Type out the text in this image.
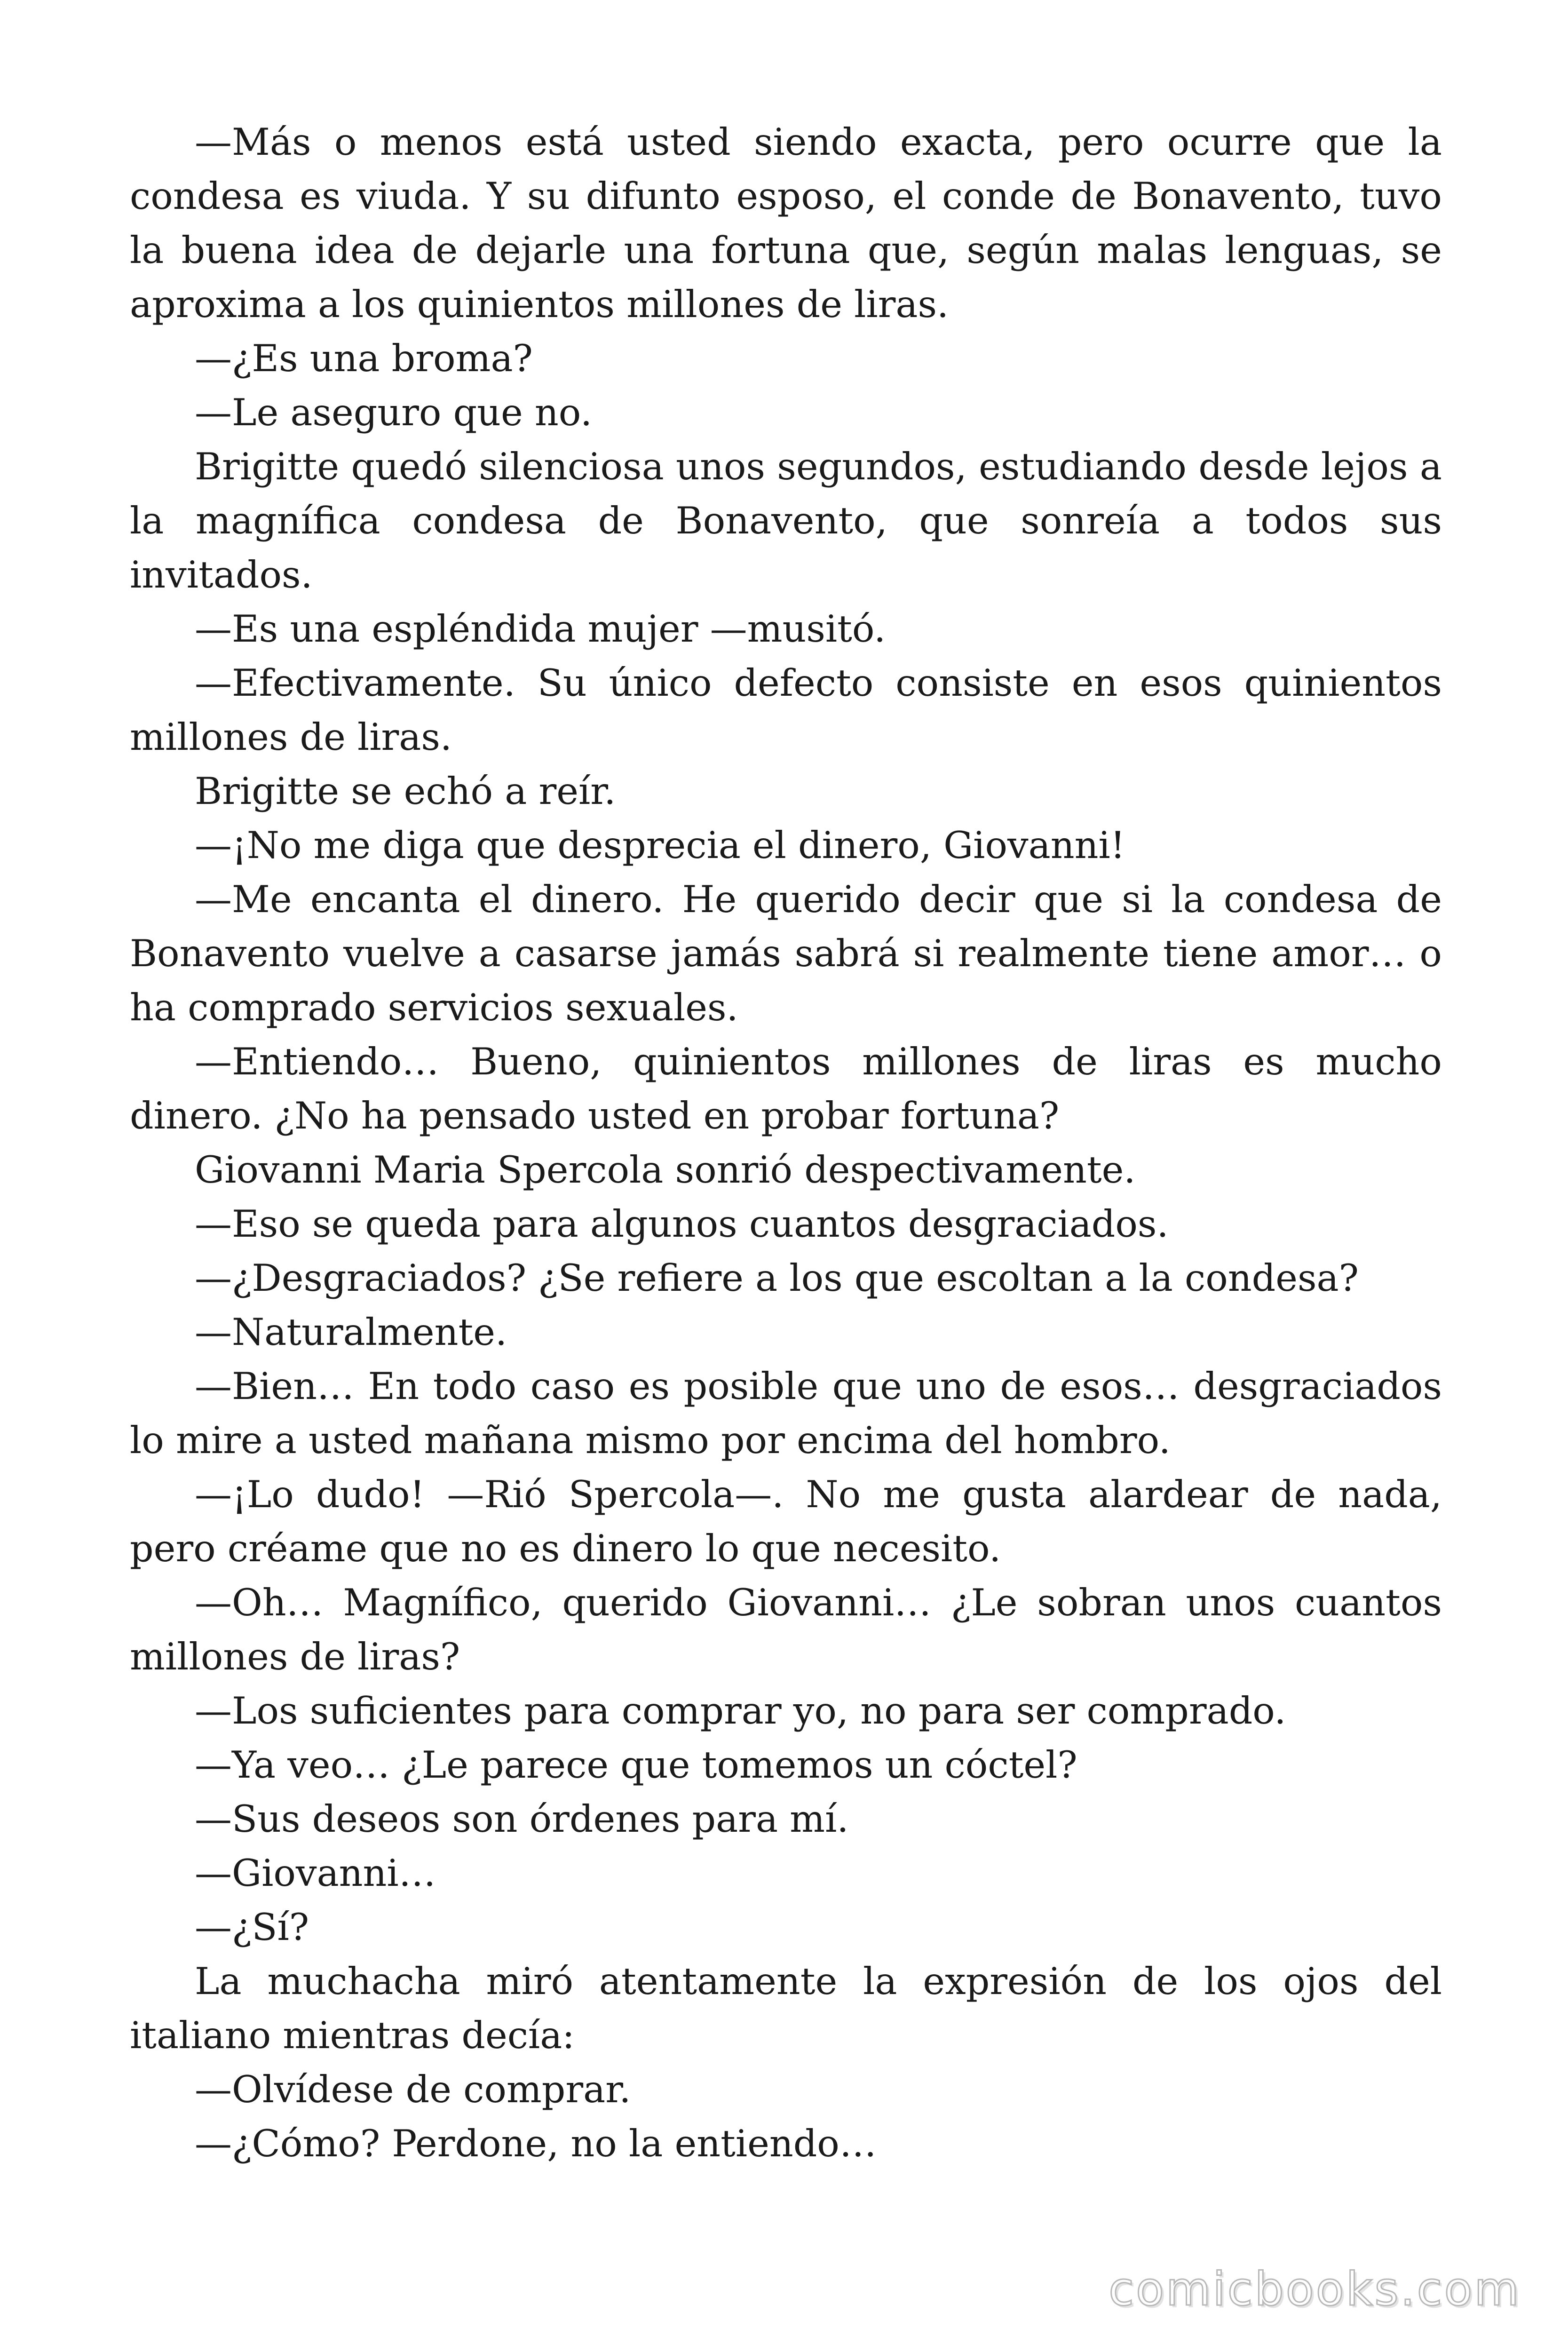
—Más o menos está usted siendo exacta, pero ocurre que la condesa es viuda. Y su difunto esposo, el conde de Bonavento, tuvo la buena idea de dejarle una fortuna que, según malas lenguas, se aproxima a los quinientos millones de liras.

—¿Es una broma?

—Le aseguro que no.

Brigitte quedó silenciosa unos segundos, estudiando desde lejos a la magnífica condesa de Bonavento, que sonreía a todos sus invitados.

—Es una espléndida mujer —musitó.

—Efectivamente. Su único defecto consiste en esos quinientos millones de liras.

Brigitte se echó a reír.

—¡No me diga que desprecia el dinero, Giovanni!

—Me encanta el dinero. He querido decir que si la condesa de Bonavento vuelve a casarse jamás sabrá si realmente tiene amor… o ha comprado servicios sexuales.

—Entiendo… Bueno, quinientos millones de liras es mucho dinero. ¿No ha pensado usted en probar fortuna?

Giovanni Maria Spercola sonrió despectivamente.

—Eso se queda para algunos cuantos desgraciados.

—¿Desgraciados? ¿Se refiere a los que escoltan a la condesa?

—Naturalmente.

—Bien… En todo caso es posible que uno de esos… desgraciados lo mire a usted mañana mismo por encima del hombro.

—¡Lo dudo! —Rió Spercola—. No me gusta alardear de nada, pero créame que no es dinero lo que necesito.

—Oh… Magnífico, querido Giovanni… ¿Le sobran unos cuantos millones de liras?

—Los suficientes para comprar yo, no para ser comprado.

—Ya veo… ¿Le parece que tomemos un cóctel?

—Sus deseos son órdenes para mí.

—Giovanni…

—¿Sí?

La muchacha miró atentamente la expresión de los ojos del italiano mientras decía:

—Olvídese de comprar.

—¿Cómo? Perdone, no la entiendo…

comicbooks.com
